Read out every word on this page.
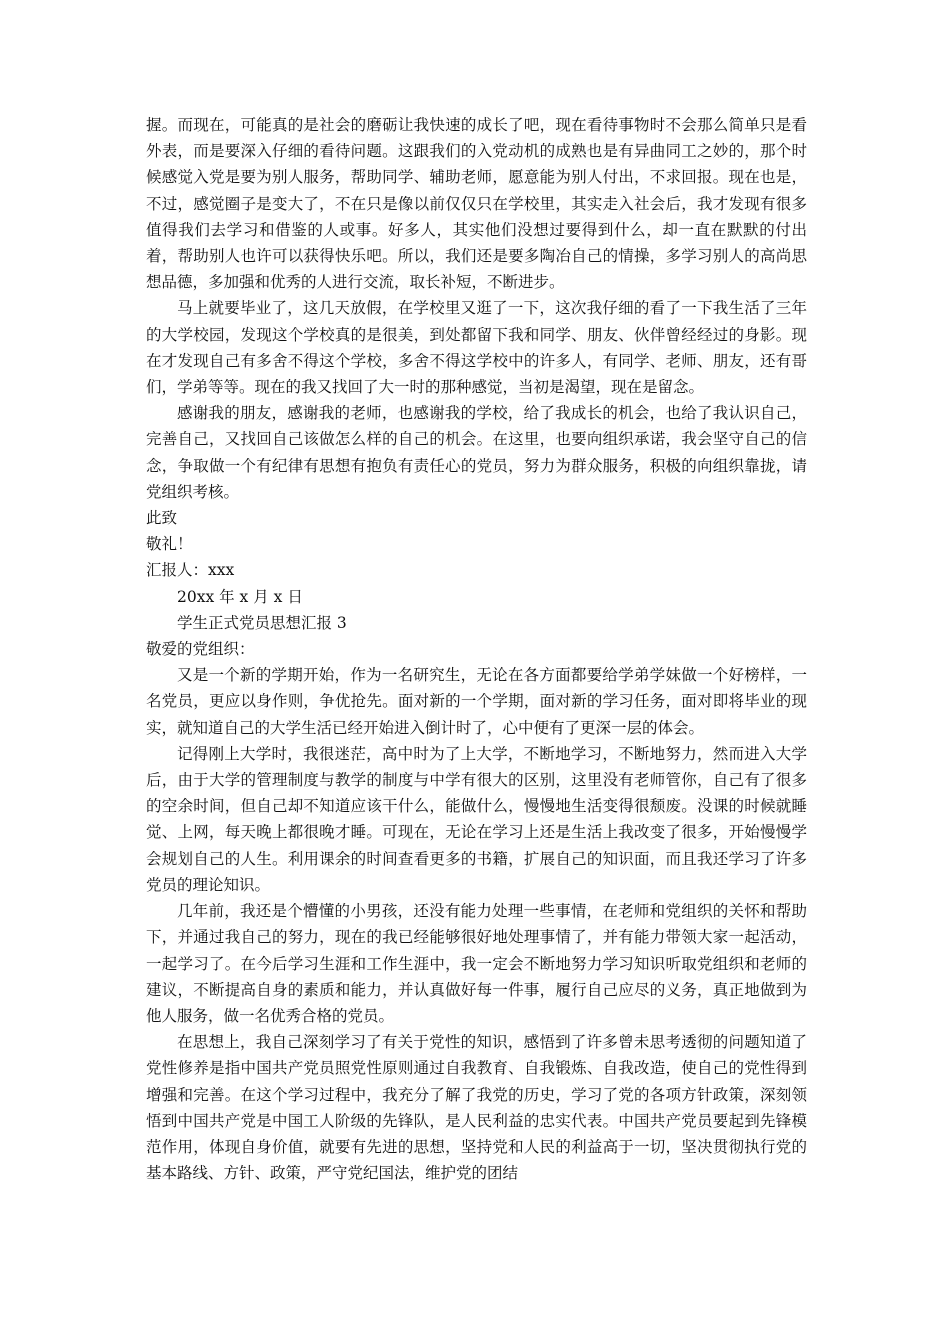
握。而现在，可能真的是社会的磨砺让我快速的成长了吧，现在看待事物时不会那么简单只是看外表，而是要深入仔细的看待问题。这跟我们的入党动机的成熟也是有异曲同工之妙的，那个时候感觉入党是要为别人服务，帮助同学、辅助老师，愿意能为别人付出，不求回报。现在也是，不过，感觉圈子是变大了，不在只是像以前仅仅只在学校里，其实走入社会后，我才发现有很多值得我们去学习和借鉴的人或事。好多人，其实他们没想过要得到什么，却一直在默默的付出着，帮助别人也许可以获得快乐吧。所以，我们还是要多陶冶自己的情操，多学习别人的高尚思想品德，多加强和优秀的人进行交流，取长补短，不断进步。

马上就要毕业了，这几天放假，在学校里又逛了一下，这次我仔细的看了一下我生活了三年的大学校园，发现这个学校真的是很美，到处都留下我和同学、朋友、伙伴曾经经过的身影。现在才发现自己有多舍不得这个学校，多舍不得这学校中的许多人，有同学、老师、朋友，还有哥们，学弟等等。现在的我又找回了大一时的那种感觉，当初是渴望，现在是留念。

感谢我的朋友，感谢我的老师，也感谢我的学校，给了我成长的机会，也给了我认识自己，完善自己，又找回自己该做怎么样的自己的机会。在这里，也要向组织承诺，我会坚守自己的信念，争取做一个有纪律有思想有抱负有责任心的党员，努力为群众服务，积极的向组织靠拢，请党组织考核。

此致

敬礼！

汇报人：xxx

20xx 年 x 月 x 日

学生正式党员思想汇报 3

敬爱的党组织：

又是一个新的学期开始，作为一名研究生，无论在各方面都要给学弟学妹做一个好榜样，一名党员，更应以身作则，争优抢先。面对新的一个学期，面对新的学习任务，面对即将毕业的现实，就知道自己的大学生活已经开始进入倒计时了，心中便有了更深一层的体会。

记得刚上大学时，我很迷茫，高中时为了上大学，不断地学习，不断地努力，然而进入大学后，由于大学的管理制度与教学的制度与中学有很大的区别，这里没有老师管你，自己有了很多的空余时间，但自己却不知道应该干什么，能做什么，慢慢地生活变得很颓废。没课的时候就睡觉、上网，每天晚上都很晚才睡。可现在，无论在学习上还是生活上我改变了很多，开始慢慢学会规划自己的人生。利用课余的时间查看更多的书籍，扩展自己的知识面，而且我还学习了许多党员的理论知识。

几年前，我还是个懵懂的小男孩，还没有能力处理一些事情，在老师和党组织的关怀和帮助下，并通过我自己的努力，现在的我已经能够很好地处理事情了，并有能力带领大家一起活动，一起学习了。在今后学习生涯和工作生涯中，我一定会不断地努力学习知识听取党组织和老师的建议，不断提高自身的素质和能力，并认真做好每一件事，履行自己应尽的义务，真正地做到为他人服务，做一名优秀合格的党员。

在思想上，我自己深刻学习了有关于党性的知识，感悟到了许多曾未思考透彻的问题知道了党性修养是指中国共产党员照党性原则通过自我教育、自我锻炼、自我改造，使自己的党性得到增强和完善。在这个学习过程中，我充分了解了我党的历史，学习了党的各项方针政策，深刻领悟到中国共产党是中国工人阶级的先锋队，是人民利益的忠实代表。中国共产党员要起到先锋模范作用，体现自身价值，就要有先进的思想，坚持党和人民的利益高于一切，坚决贯彻执行党的基本路线、方针、政策，严守党纪国法，维护党的团结
